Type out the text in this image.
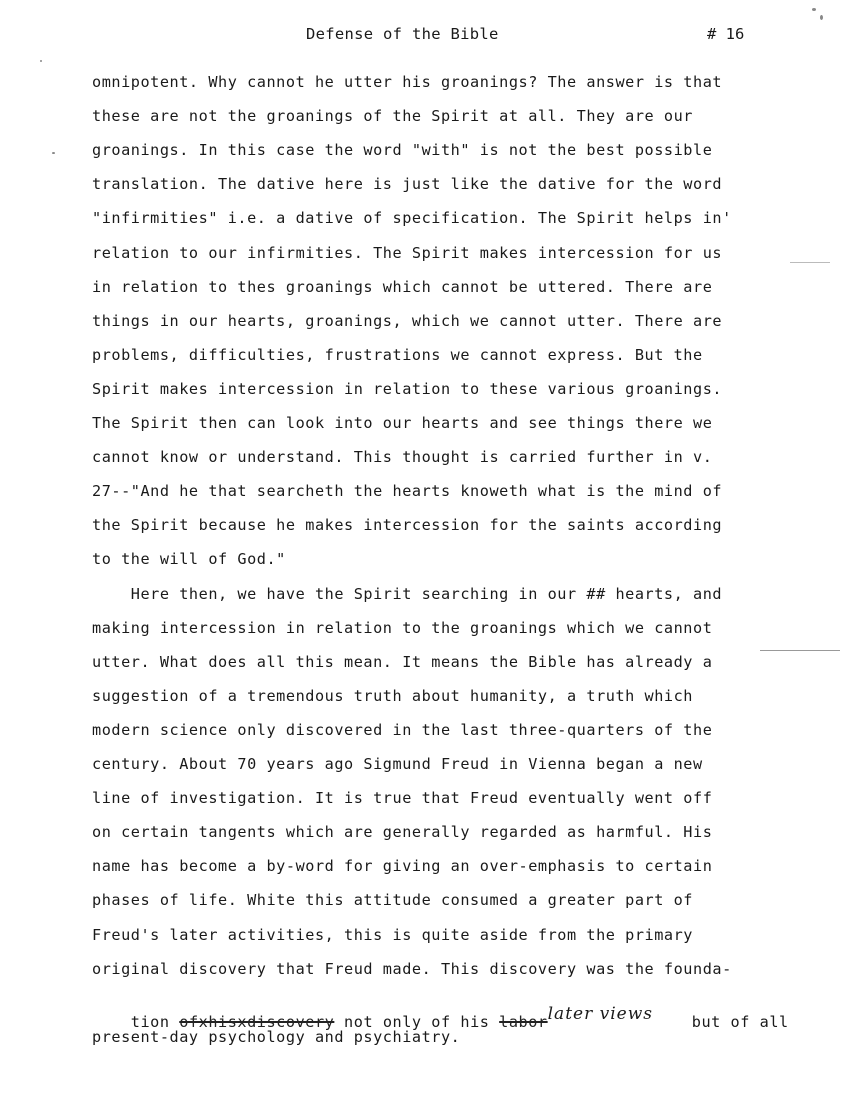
Defense of the Bible	# 16
omnipotent. Why cannot he utter his groanings? The answer is that
these are not the groanings of the Spirit at all. They are our
groanings. In this case the word "with" is not the best possible
translation. The dative here is just like the dative for the word
"infirmities" i.e. a dative of specification. The Spirit helps in'
relation to our infirmities. The Spirit makes intercession for us
in relation to thes groanings which cannot be uttered. There are
things in our hearts, groanings, which we cannot utter. There are
problems, difficulties, frustrations we cannot express. But the
Spirit makes intercession in relation to these various groanings.
The Spirit then can look into our hearts and see things there we
cannot know or understand. This thought is carried further in v.
27--"And he that searcheth the hearts knoweth what is the mind of
the Spirit because he makes intercession for the saints according
to the will of God."
Here then, we have the Spirit searching in our ## hearts, and
making intercession in relation to the groanings which we cannot
utter. What does all this mean. It means the Bible has already a
suggestion of a tremendous truth about humanity, a truth which
modern science only discovered in the last three-quarters of the
century. About 70 years ago Sigmund Freud in Vienna began a new
line of investigation. It is true that Freud eventually went off
on certain tangents which are generally regarded as harmful. His
name has become a by-word for giving an over-emphasis to certain
phases of life. White this attitude consumed a greater part of
Freud's later activities, this is quite aside from the primary
original discovery that Freud made. This discovery was the founda-

tion ofxhisxdiscovery not only of his laborlater views    but of all

present-day psychology and psychiatry.
